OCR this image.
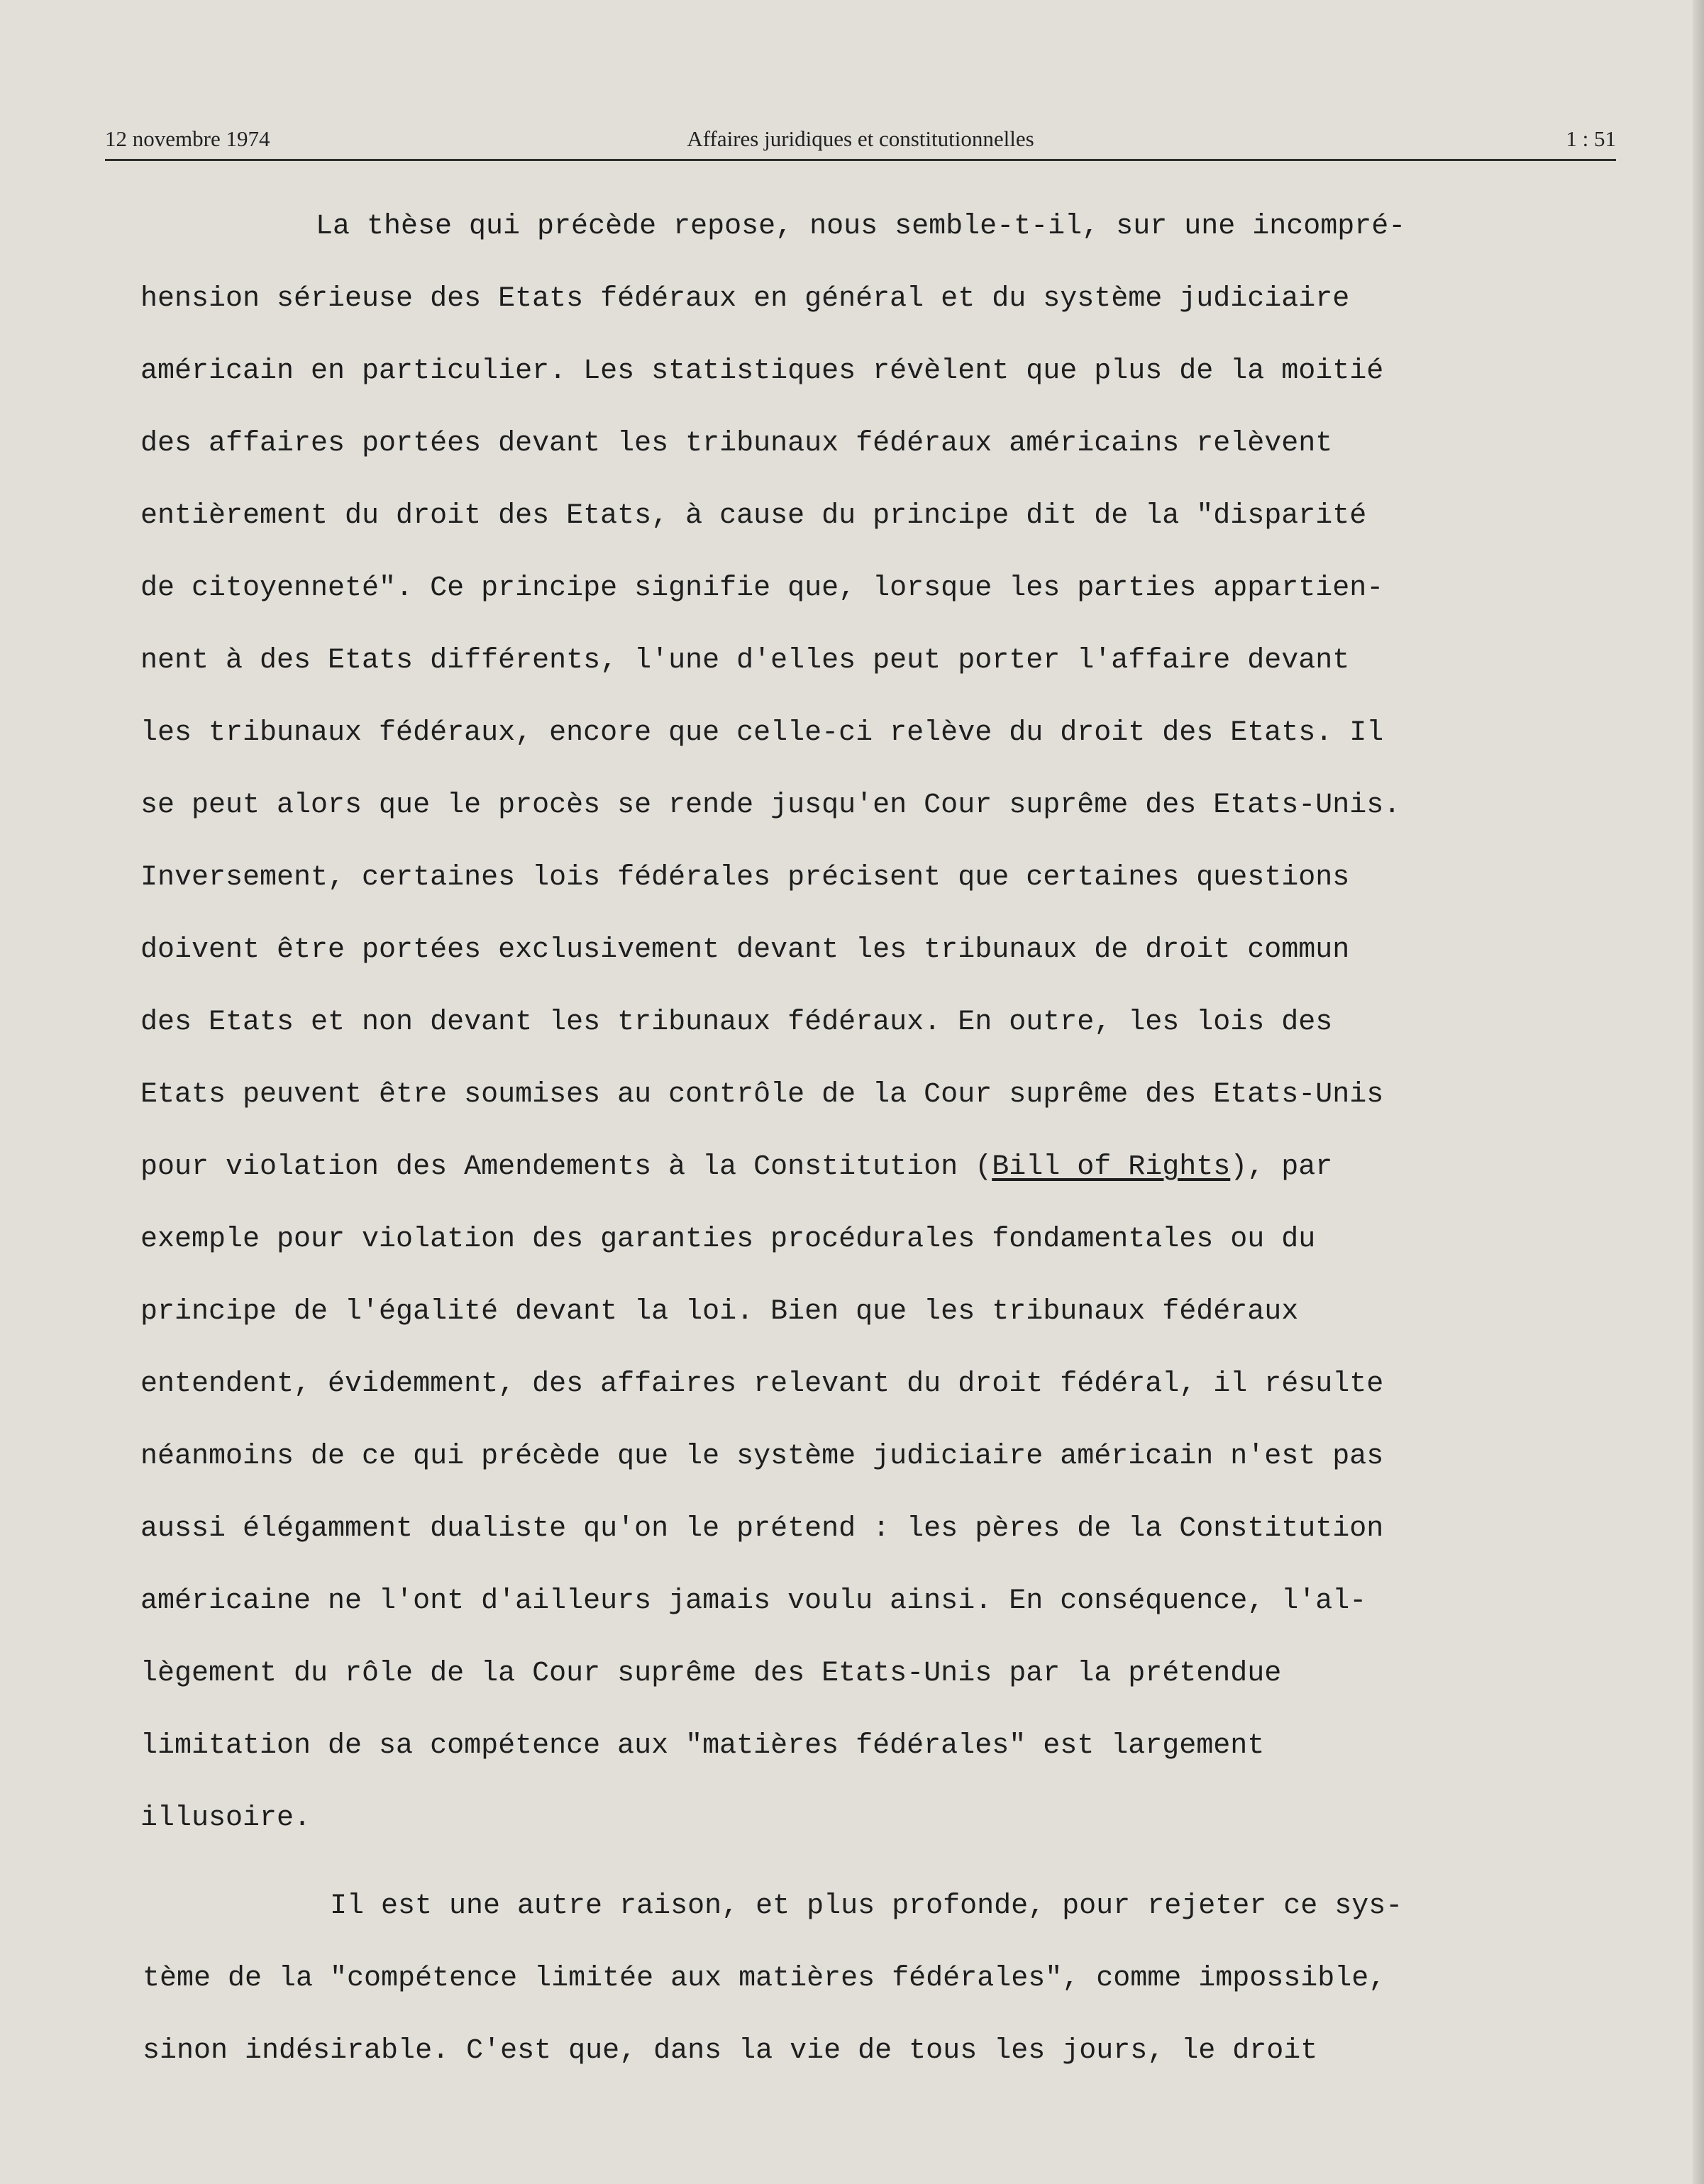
12 novembre 1974	Affaires juridiques et constitutionnelles	1 : 51
La thèse qui précède repose, nous semble-t-il, sur une incompré-
hension sérieuse des Etats fédéraux en général et du système judiciaire
américain en particulier. Les statistiques révèlent que plus de la moitié
des affaires portées devant les tribunaux fédéraux américains relèvent
entièrement du droit des Etats, à cause du principe dit de la "disparité
de citoyenneté". Ce principe signifie que, lorsque les parties appartien-
nent à des Etats différents, l'une d'elles peut porter l'affaire devant
les tribunaux fédéraux, encore que celle-ci relève du droit des Etats. Il
se peut alors que le procès se rende jusqu'en Cour suprême des Etats-Unis.
Inversement, certaines lois fédérales précisent que certaines questions
doivent être portées exclusivement devant les tribunaux de droit commun
des Etats et non devant les tribunaux fédéraux. En outre, les lois des
Etats peuvent être soumises au contrôle de la Cour suprême des Etats-Unis
pour violation des Amendements à la Constitution (Bill of Rights), par
exemple pour violation des garanties procédurales fondamentales ou du
principe de l'égalité devant la loi. Bien que les tribunaux fédéraux
entendent, évidemment, des affaires relevant du droit fédéral, il résulte
néanmoins de ce qui précède que le système judiciaire américain n'est pas
aussi élégamment dualiste qu'on le prétend : les pères de la Constitution
américaine ne l'ont d'ailleurs jamais voulu ainsi. En conséquence, l'al-
lègement du rôle de la Cour suprême des Etats-Unis par la prétendue
limitation de sa compétence aux "matières fédérales" est largement
illusoire.
Il est une autre raison, et plus profonde, pour rejeter ce sys-
tème de la "compétence limitée aux matières fédérales", comme impossible,
sinon indésirable. C'est que, dans la vie de tous les jours, le droit
